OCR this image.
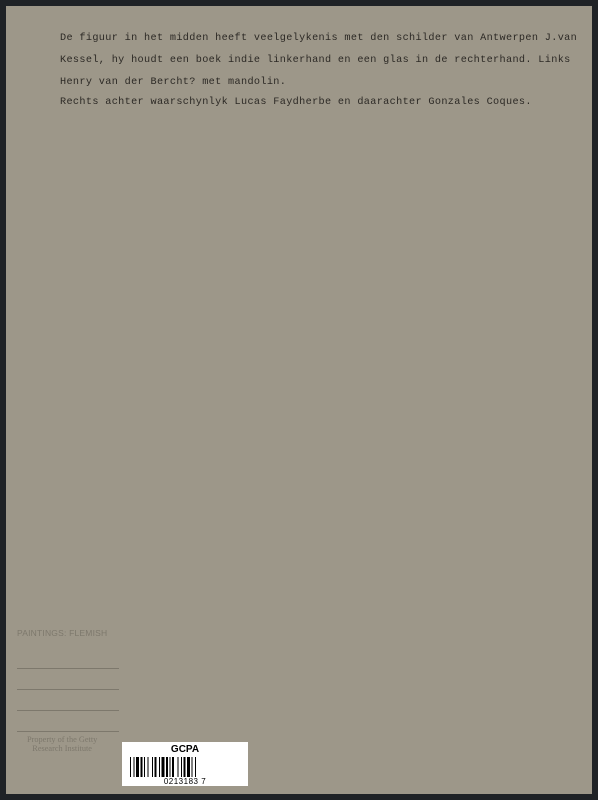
De figuur in het midden heeft veelgelykenis met den schilder van Antwerpen J.van

Kessel, hy houdt een boek indie linkerhand en een glas in de rechterhand. Links

Henry van der Bercht? met mandolin.

Rechts achter waarschynlyk Lucas Faydherbe en daarachter Gonzales Coques.

PAINTINGS: FLEMISH
Property of the Getty
Research Institute	GCPA
0213183 7
